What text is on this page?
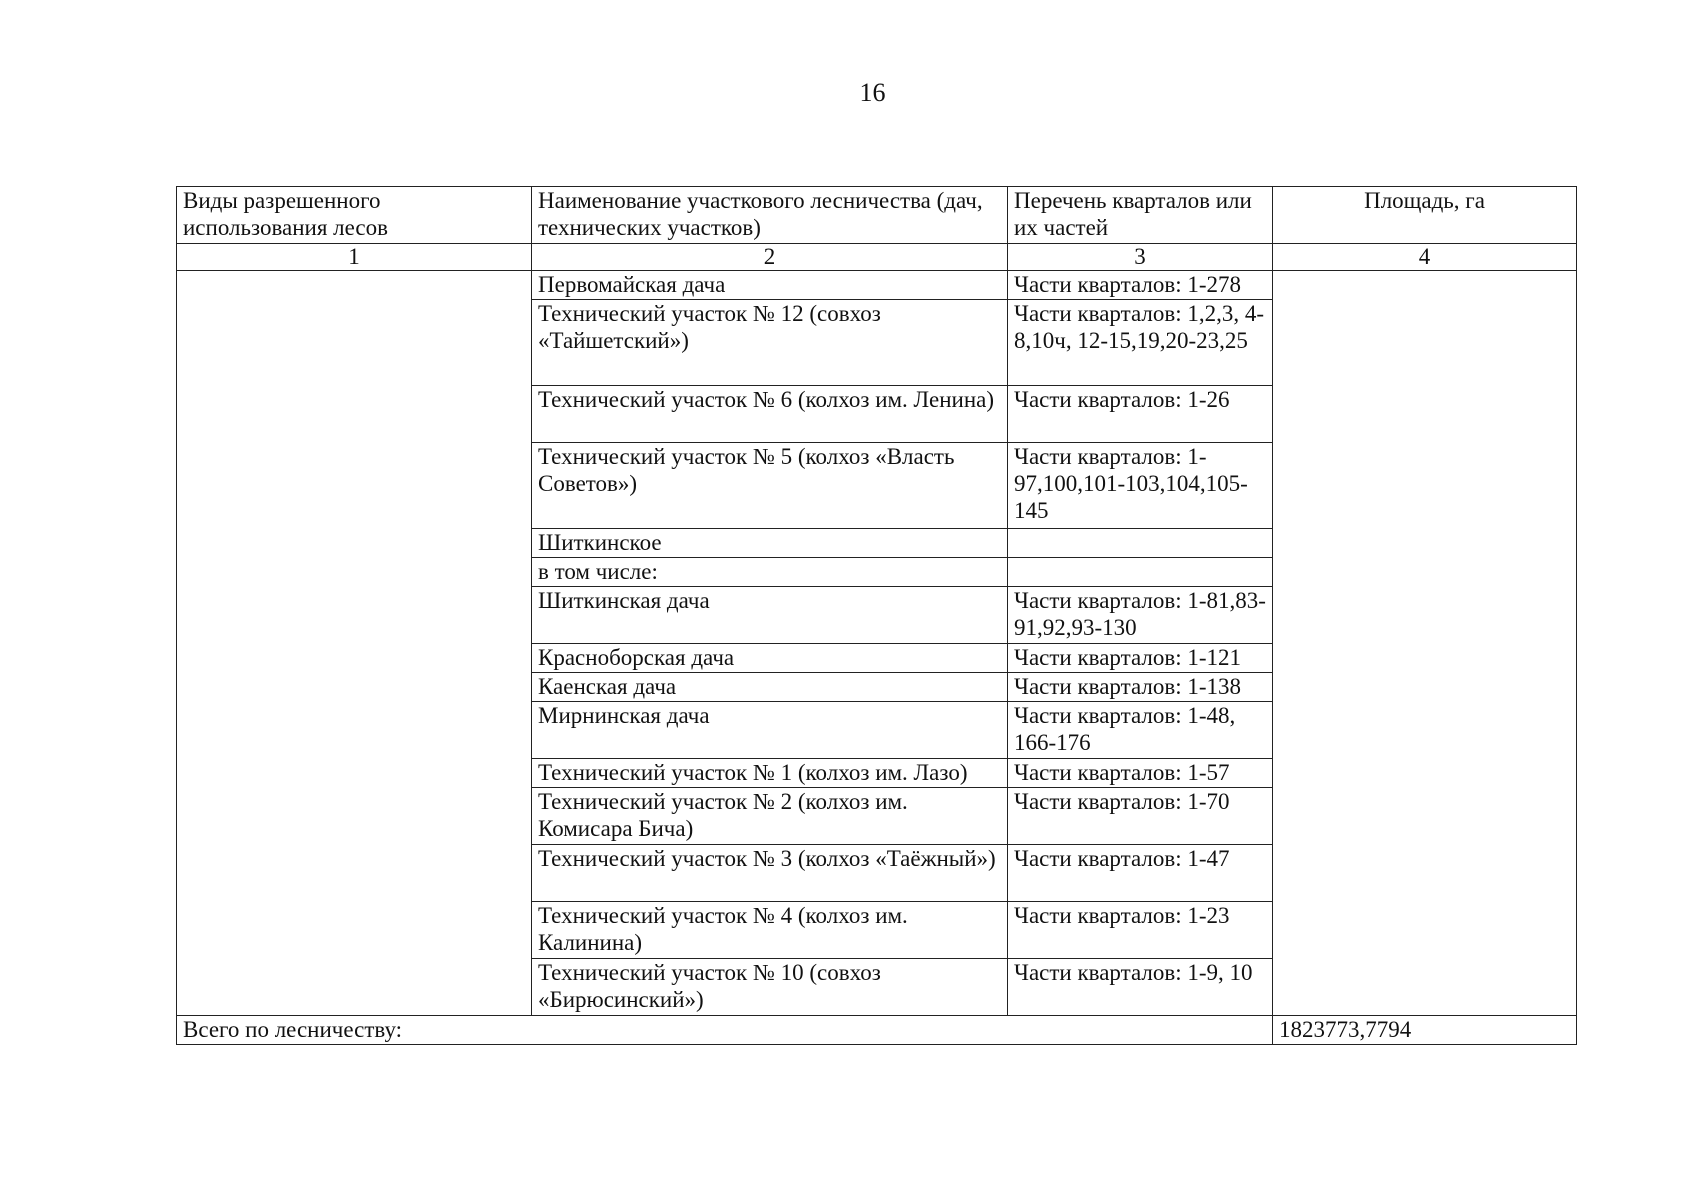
16
Виды разрешенного использования лесов	Наименование участкового лесничества (дач, технических участков)	Перечень кварталов или их частей	Площадь, га
1	2	3	4
	Первомайская дача	Части кварталов: 1-278	
	Технический участок № 12 (совхоз «Тайшетский»)	Части кварталов: 1,2,3, 4-8,10ч, 12-15,19,20-23,25	
	Технический участок № 6 (колхоз им. Ленина)	Части кварталов: 1-26	
	Технический участок № 5 (колхоз «Власть Советов»)	Части кварталов: 1-97,100,101-103,104,105-145	
	Шиткинское		
	в том числе:		
	Шиткинская дача	Части кварталов: 1-81,83-91,92,93-130	
	Красноборская дача	Части кварталов: 1-121	
	Каенская дача	Части кварталов: 1-138	
	Мирнинская дача	Части кварталов: 1-48, 166-176	
	Технический участок № 1 (колхоз им. Лазо)	Части кварталов: 1-57	
	Технический участок № 2 (колхоз им. Комисара Бича)	Части кварталов: 1-70	
	Технический участок № 3 (колхоз «Таёжный»)	Части кварталов: 1-47	
	Технический участок № 4 (колхоз им. Калинина)	Части кварталов: 1-23	
	Технический участок № 10 (совхоз «Бирюсинский»)	Части кварталов: 1-9, 10	
Всего по лесничеству:			1823773,7794
